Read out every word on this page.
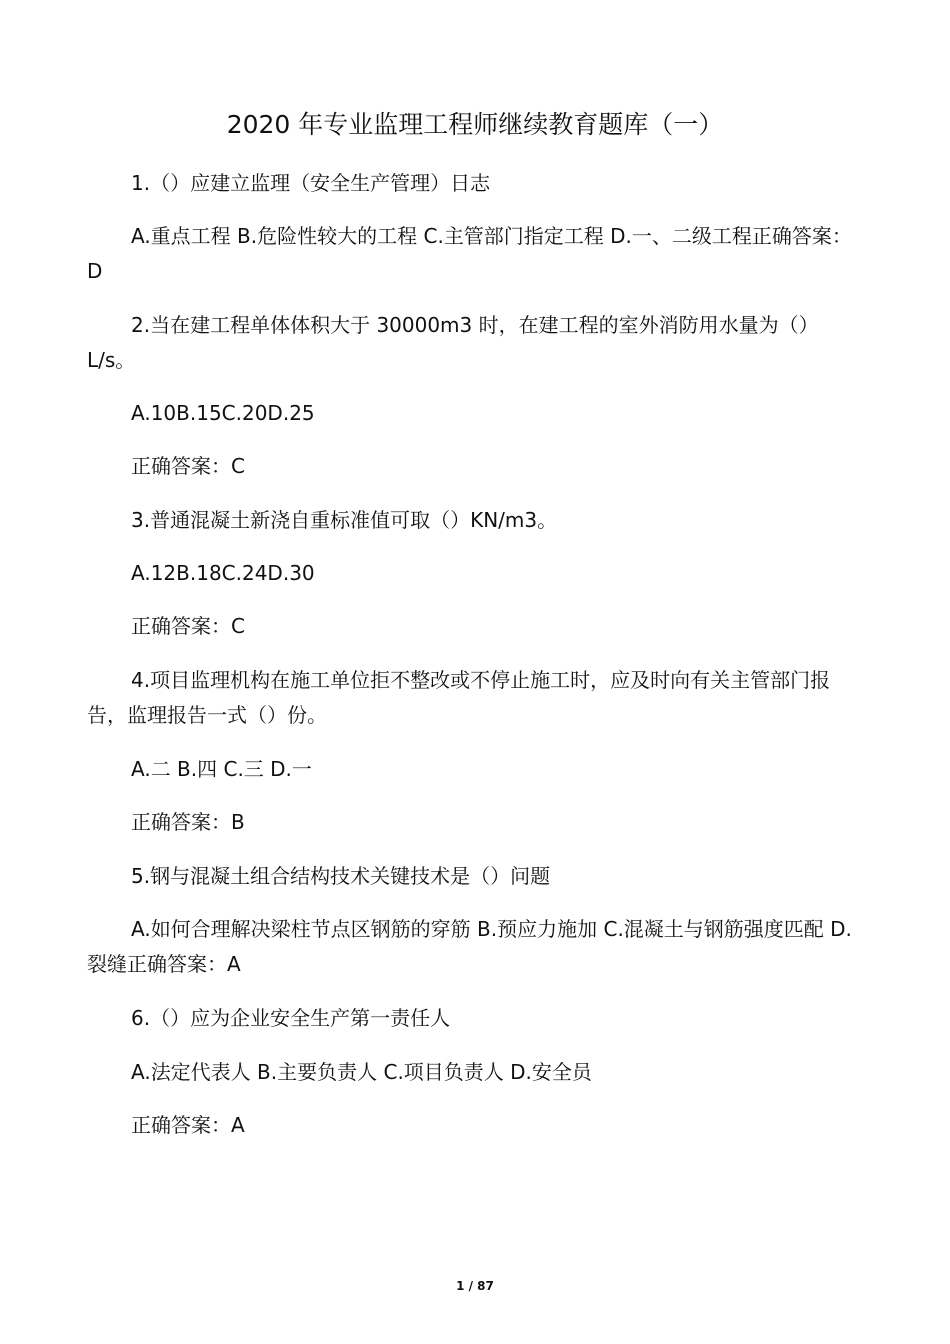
2020 年专业监理工程师继续教育题库（一）
1.（）应建立监理（安全生产管理）日志
A.重点工程 B.危险性较大的工程 C.主管部门指定工程 D.一、二级工程正确答案：D
2.当在建工程单体体积大于 30000m3 时，在建工程的室外消防用水量为（）L/s。
A.10B.15C.20D.25
正确答案：C
3.普通混凝土新浇自重标准值可取（）KN/m3。
A.12B.18C.24D.30
正确答案：C
4.项目监理机构在施工单位拒不整改或不停止施工时，应及时向有关主管部门报告，监理报告一式（）份。
A.二 B.四 C.三 D.一
正确答案：B
5.钢与混凝土组合结构技术关键技术是（）问题
A.如何合理解决梁柱节点区钢筋的穿筋 B.预应力施加 C.混凝土与钢筋强度匹配 D.裂缝正确答案：A
6.（）应为企业安全生产第一责任人
A.法定代表人 B.主要负责人 C.项目负责人 D.安全员
正确答案：A
1 / 87
